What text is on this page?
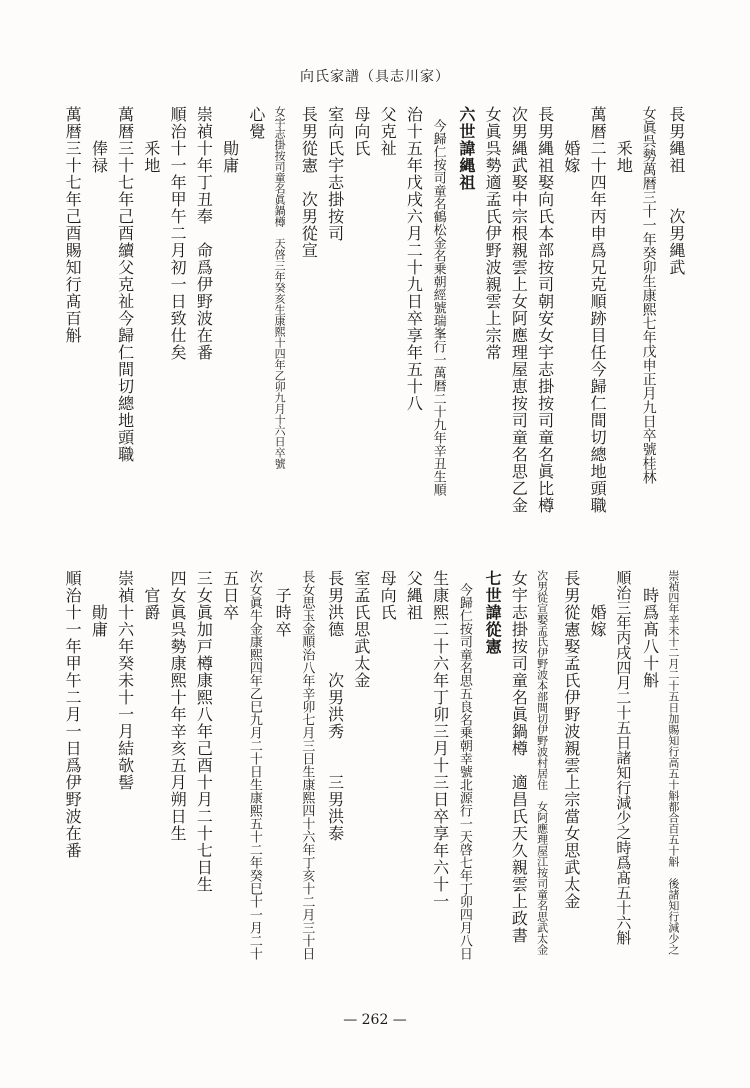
向氏家譜（具志川家）
長男縄祖　　次男縄武
女眞呉勢萬暦三十一年癸卯生康熙七年戊申正月九日卒號桂林
　　釆地
萬暦二十四年丙申爲兄克順跡目任今歸仁間切總地頭職
　　婚嫁
長男縄祖娶向氏本部按司朝安女宇志掛按司童名眞比樽
次男縄武娶中宗根親雲上女阿應理屋恵按司童名思乙金
女眞呉勢適孟氏伊野波親雲上宗常
六世諱縄祖
　今歸仁按司童名鶴松金名乗朝經號瑞峯行一萬暦二十九年辛丑生順
治十五年戊戌六月二十九日卒享年五十八
父克祉
母向氏
室向氏宇志掛按司
長男從憲　次男從宣
女宇志掛按司童名眞鍋樽　天啓三年癸亥生康熙十四年乙卯九月十六日卒號
心覺
　　勛庸
崇禎十年丁丑奉　命爲伊野波在番
順治十一年甲午二月初一日致仕矣
　　釆地
萬暦三十七年己酉續父克祉今歸仁間切總地頭職
　　俸禄
萬暦三十七年己酉賜知行髙百斛
崇禎四年辛未十二月二十五日加賜知行高五十斛都合百五十斛　後諸知行減少之
　時爲髙八十斛
順治三年丙戌四月二十五日諸知行減少之時爲髙五十六斛
　　婚嫁
長男從憲娶孟氏伊野波親雲上宗當女思武太金
次男從宣娶孟氏伊野波本部間切伊野波村居住　女阿應理屋江按司童名思武太金
女宇志掛按司童名眞鍋樽　適昌氏天久親雲上政書
七世諱從憲
　今歸仁按司童名思五良名乗朝幸號北源行一天啓七年丁卯四月八日
生康熙二十六年丁卯三月十三日卒享年六十一
父縄祖
母向氏
室孟氏思武太金
長男洪德　　次男洪秀　　三男洪泰
長女思玉金順治八年辛卯七月三日生康熙四十六年丁亥十二月三十日
　子時卒
次女眞牛金康熙四年乙巳九月二十日生康熙五十二年癸巳十一月二十
五日卒
三女眞加戸樽康熙八年己酉十月二十七日生
四女眞呉勢康熙十年辛亥五月朔日生
　官爵
崇禎十六年癸未十一月結欹髻
　　勛庸
順治十一年甲午二月一日爲伊野波在番
— 262 —
